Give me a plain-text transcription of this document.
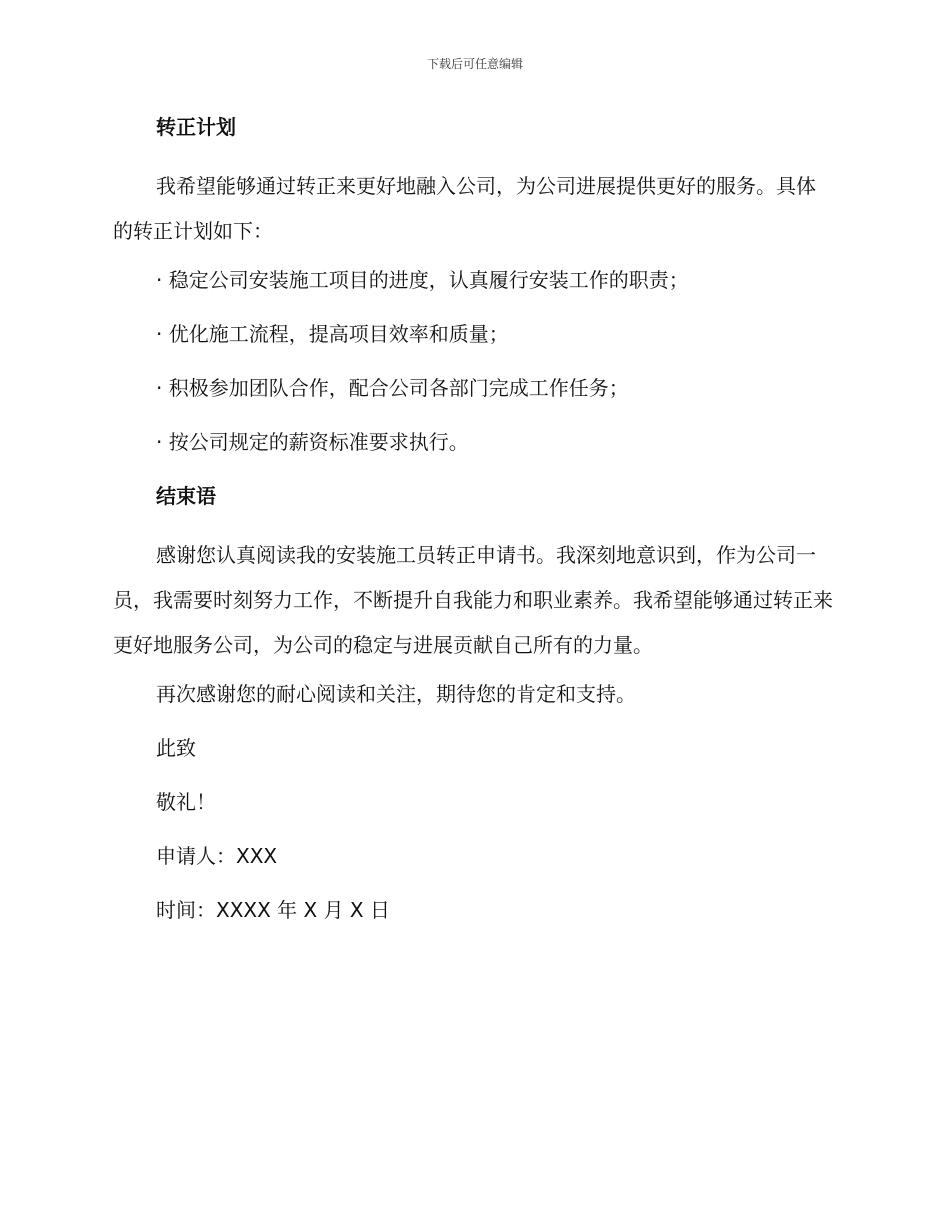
下载后可任意编辑
转正计划

我希望能够通过转正来更好地融入公司，为公司进展提供更好的服务。具体的转正计划如下：

· 稳定公司安装施工项目的进度，认真履行安装工作的职责；
· 优化施工流程，提高项目效率和质量；
· 积极参加团队合作，配合公司各部门完成工作任务；
· 按公司规定的薪资标准要求执行。
结束语

感谢您认真阅读我的安装施工员转正申请书。我深刻地意识到，作为公司一员，我需要时刻努力工作，不断提升自我能力和职业素养。我希望能够通过转正来更好地服务公司，为公司的稳定与进展贡献自己所有的力量。

再次感谢您的耐心阅读和关注，期待您的肯定和支持。
此致
敬礼！
申请人：XXX
时间：XXXX 年 X 月 X 日
